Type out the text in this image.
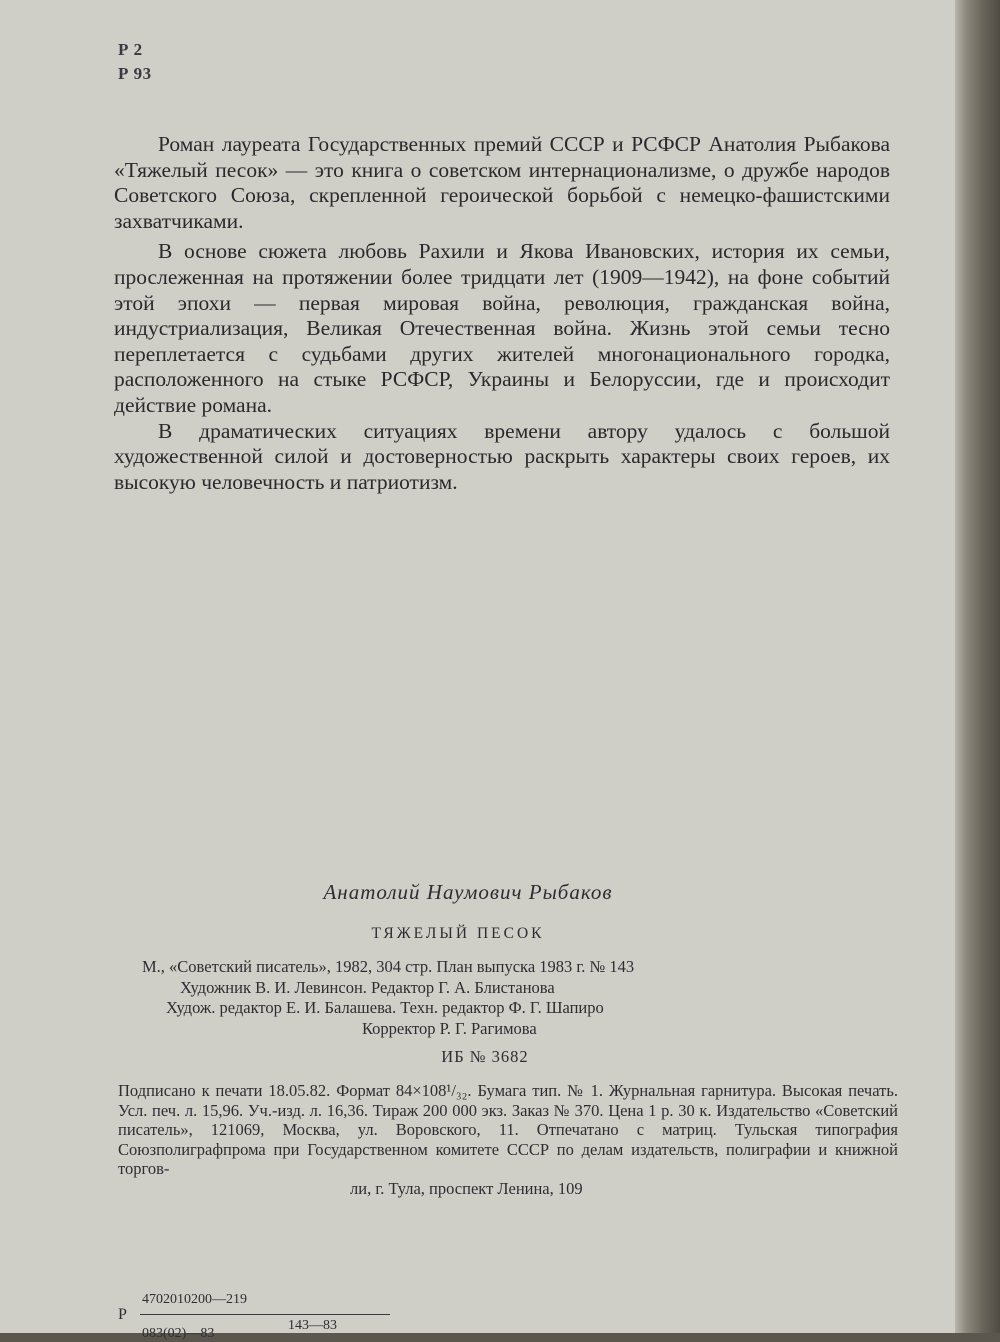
Р 2
Р 93

Роман лауреата Государственных премий СССР и РСФСР Анатолия Рыбакова «Тяжелый песок» — это книга о советском интернационализме, о дружбе народов Советского Союза, скрепленной героической борьбой с немецко-фашистскими захватчиками.

В основе сюжета любовь Рахили и Якова Ивановских, история их семьи, прослеженная на протяжении более тридцати лет (1909—1942), на фоне событий этой эпохи — первая мировая война, революция, гражданская война, индустриализация, Великая Отечественная война. Жизнь этой семьи тесно переплетается с судьбами других жителей многонационального городка, расположенного на стыке РСФСР, Украины и Белоруссии, где и происходит действие романа.

В драматических ситуациях времени автору удалось с большой художественной силой и достоверностью раскрыть характеры своих героев, их высокую человечность и патриотизм.

Анатолий Наумович Рыбаков
ТЯЖЕЛЫЙ ПЕСОК
М., «Советский писатель», 1982, 304 стр. План выпуска 1983 г. № 143
Художник В. И. Левинсон. Редактор Г. А. Блистанова
Худож. редактор Е. И. Балашева. Техн. редактор Ф. Г. Шапиро
Корректор Р. Г. Рагимова
ИБ № 3682

Подписано к печати 18.05.82. Формат 84×108¹/₃₂. Бумага тип. № 1. Журнальная гарнитура. Высокая печать. Усл. печ. л. 15,96. Уч.-изд. л. 16,36. Тираж 200 000 экз. Заказ № 370. Цена 1 р. 30 к. Издательство «Советский писатель», 121069, Москва, ул. Воровского, 11. Отпечатано с матриц. Тульская типография Союзполиграфпрома при Государственном комитете СССР по делам издательств, полиграфии и книжной торгов-

ли, г. Тула, проспект Ленина, 109

Р
4702010200—219
143—83
083(02)—83
